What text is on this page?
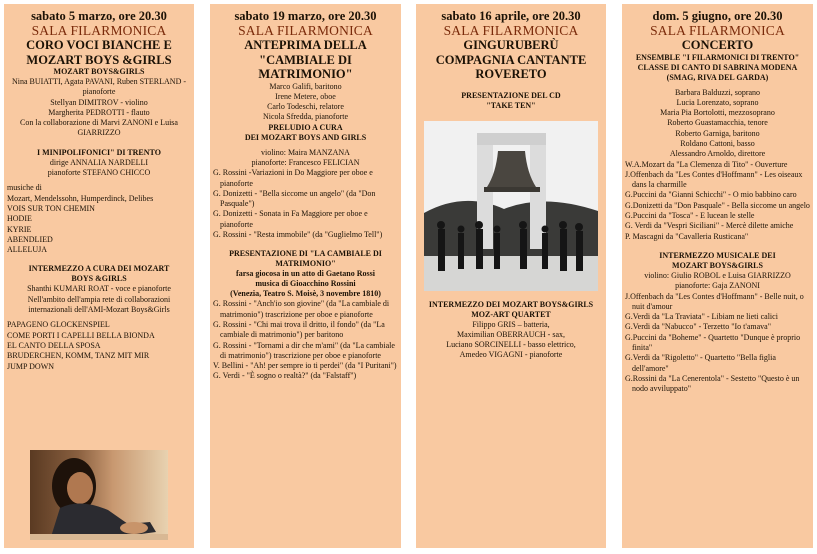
sabato 5 marzo, ore 20.30
SALA FILARMONICA
CORO VOCI BIANCHE E
MOZART BOYS &GIRLS
MOZART BOYS&GIRLS
Nina BUIATTI, Agata PAVANI, Ruben STERLAND - pianoforte
Stellyan DIMITROV - violino
Margherita PEDROTTI - flauto
Con la collaborazione di Marvi ZANONI e Luisa GIARRIZZO
I MINIPOLIFONICI" DI TRENTO
dirige ANNALIA NARDELLI
pianoforte STEFANO CHICCO
musiche di
Mozart, Mendelssohn, Humperdinck, Delibes
VOIS SUR TON CHEMIN
HODIE
KYRIE
ABENDLIED
ALLELUJA
INTERMEZZO A CURA DEI MOZART
BOYS &GIRLS
Shanthi KUMARI ROAT - voce e pianoforte
Nell'ambito dell'ampia rete di collaborazioni internazionali dell'AMI-Mozart Boys&Girls
PAPAGENO GLOCKENSPIEL
COME PORTI I CAPELLI BELLA BIONDA
EL CANTO DELLA SPOSA
BRUDERCHEN, KOMM, TANZ MIT MIR
JUMP DOWN
sabato 19 marzo, ore 20.30
SALA FILARMONICA
ANTEPRIMA DELLA
"CAMBIALE DI
MATRIMONIO"
Marco Galifi, baritono
Irene Metere, oboe
Carlo Todeschi, relatore
Nicola Sfredda, pianoforte
PRELUDIO A CURA
DEI MOZART BOYS AND GIRLS
violino: Maira MANZANA
pianoforte: Francesco FELICIAN
G. Rossini -Variazioni in Do Maggiore per oboe e pianoforte
G. Donizetti - "Bella siccome un angelo" (da "Don Pasquale")
G. Donizetti - Sonata in Fa Maggiore per oboe e pianoforte
G. Rossini - "Resta immobile" (da "Guglielmo Tell")
PRESENTAZIONE DI "LA CAMBIALE DI
MATRIMONIO"
farsa giocosa in un atto di Gaetano Rossi
musica di Gioacchino Rossini
(Venezia, Teatro S. Moisè, 3 novembre 1810)
G. Rossini - "Anch'io son giovine" (da "La cambiale di matrimonio") trascrizione per oboe e pianoforte
G. Rossini - "Chi mai trova il dritto, il fondo" (da "La cambiale di matrimonio") per baritono
G. Rossini - "Tornami a dir che m'ami" (da "La cambiale di matrimonio") trascrizione per oboe e pianoforte
V. Bellini - "Ah! per sempre io ti perdei" (da "I Puritani")
G. Verdi - "È sogno o realtà?" (da "Falstaff")
sabato 16 aprile, ore 20.30
SALA FILARMONICA
GINGURUBERÙ
COMPAGNIA CANTANTE
ROVERETO
PRESENTAZIONE DEL CD
"TAKE TEN"
INTERMEZZO DEI MOZART BOYS&GIRLS
MOZ-ART QUARTET
Filippo GRIS – batteria,
Maximilian OBERRAUCH - sax,
Luciano SORCINELLI - basso elettrico,
Amedeo VIGAGNI - pianoforte
dom. 5 giugno, ore 20.30
SALA FILARMONICA
CONCERTO
ENSEMBLE "I FILARMONICI DI TRENTO"
CLASSE DI CANTO DI SABRINA MODENA
(SMAG, RIVA DEL GARDA)
Barbara Balduzzi, soprano
Lucia Lorenzato, soprano
Maria Pia Bortolotti, mezzosoprano
Roberto Guastamacchia, tenore
Roberto Garniga, baritono
Roldano Cattoni, basso
Alessandro Arnoldo, direttore
W.A.Mozart da "La Clemenza di Tito" - Ouverture
J.Offenbach da "Les Contes d'Hoffmann" - Les oiseaux dans la charmille
G.Puccini da "Gianni Schicchi" - O mio babbino caro
G.Donizetti da "Don Pasquale" - Bella siccome un angelo
G.Puccini da "Tosca" - E lucean le stelle
G. Verdi da "Vespri Siciliani" - Mercè dilette amiche
P. Mascagni da "Cavalleria Rusticana"
INTERMEZZO MUSICALE DEI
MOZART BOYS&GIRLS
violino: Giulio ROBOL e Luisa GIARRIZZO
pianoforte: Gaja ZANONI
J.Offenbach da "Les Contes d'Hoffmann" - Belle nuit, o nuit d'amour
G.Verdi da "La Traviata" - Libiam ne lieti calici
G.Verdi da "Nabucco" - Terzetto "Io t'amava"
G.Puccini da "Boheme" - Quartetto "Dunque è proprio finita"
G.Verdi da "Rigoletto" - Quartetto "Bella figlia dell'amore"
G.Rossini da "La Cenerentola" - Sestetto "Questo è un nodo avviluppato"
